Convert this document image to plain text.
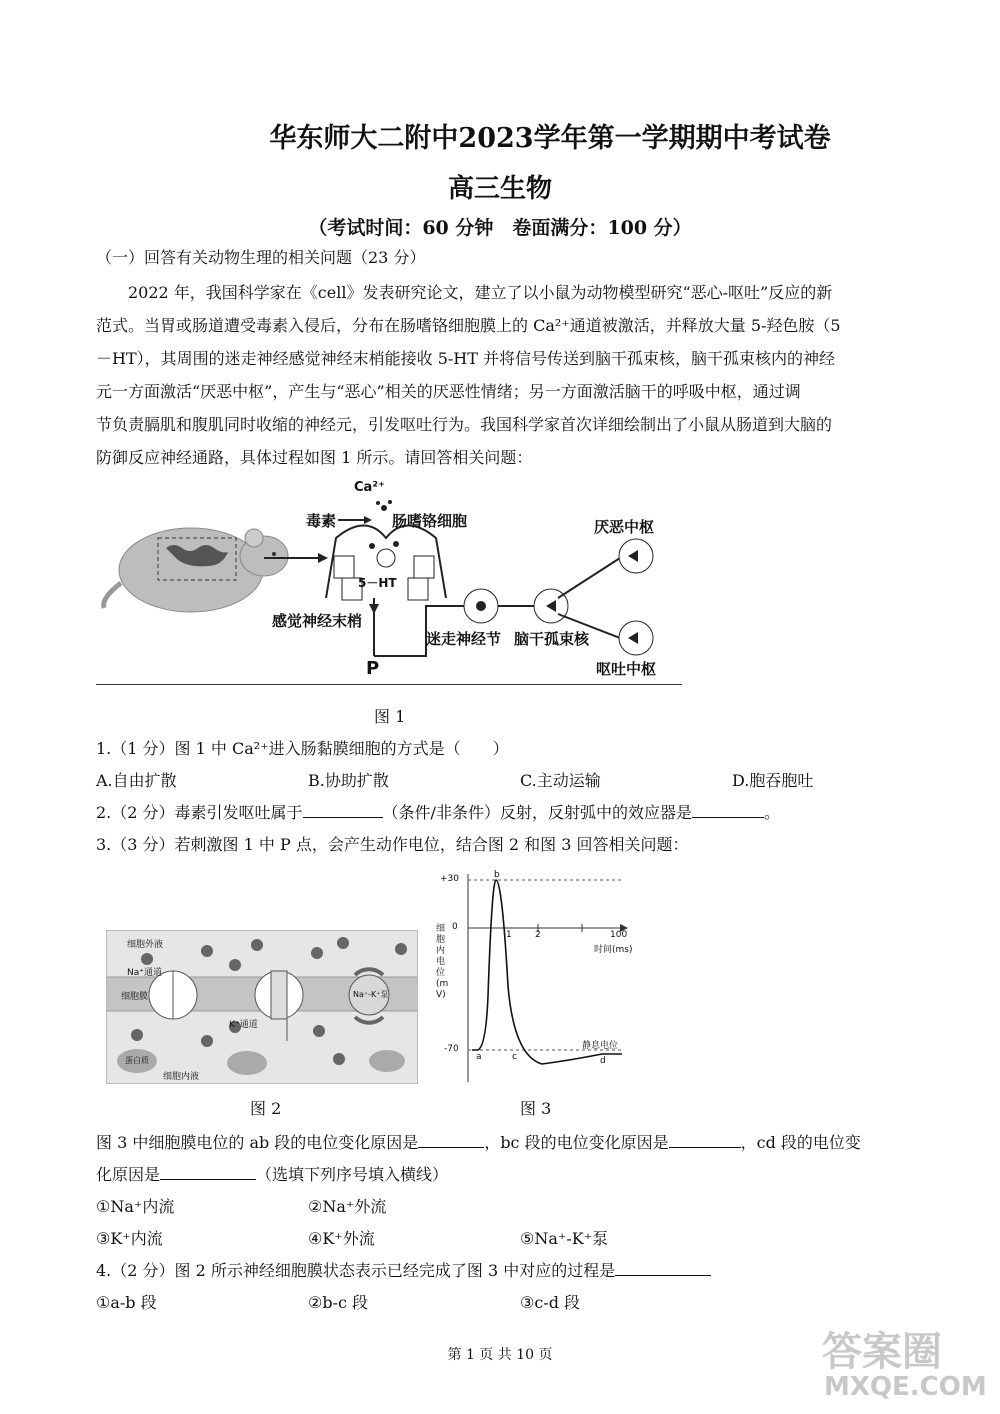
华东师大二附中2023学年第一学期期中考试卷
高三生物
（考试时间：60 分钟　卷面满分：100 分）
（一）回答有关动物生理的相关问题（23 分）
2022 年，我国科学家在《cell》发表研究论文，建立了以小鼠为动物模型研究“恶心-呕吐”反应的新
范式。当胃或肠道遭受毒素入侵后，分布在肠嗜铬细胞膜上的 Ca²⁺通道被激活，并释放大量 5-羟色胺（5
－HT），其周围的迷走神经感觉神经末梢能接收 5-HT 并将信号传送到脑干孤束核，脑干孤束核内的神经
元一方面激活“厌恶中枢”，产生与“恶心”相关的厌恶性情绪；另一方面激活脑干的呼吸中枢，通过调
节负责膈肌和腹肌同时收缩的神经元，引发呕吐行为。我国科学家首次详细绘制出了小鼠从肠道到大脑的
防御反应神经通路，具体过程如图 1 所示。请回答相关问题：
Ca²⁺
毒素	肠嗜铬细胞
5－HT
感觉神经末梢
迷走神经节 脑干孤束核
厌恶中枢
呕吐中枢
P
图 1
1.（1 分）图 1 中 Ca²⁺进入肠黏膜细胞的方式是（　　）
A.自由扩散	B.协助扩散	C.主动运输	D.胞吞胞吐
2.（2 分）毒素引发呕吐属于	（条件/非条件）反射，反射弧中的效应器是	。
3.（3 分）若刺激图 1 中 P 点，会产生动作电位，结合图 2 和图 3 回答相关问题：
细胞外液
Na⁺通道
细胞膜
K⁺通道
Na⁺-K⁺泵
蛋白质
细胞内液
图 2
+30
0
-70
1	2	100
时间(ms)
细胞内电位(mV)
b
a	c	d
静息电位
图 3
图 3 中细胞膜电位的 ab 段的电位变化原因是	，bc 段的电位变化原因是	，cd 段的电位变
化原因是	（选填下列序号填入横线）
①Na⁺内流	②Na⁺外流
③K⁺内流	④K⁺外流	⑤Na⁺-K⁺泵
4.（2 分）图 2 所示神经细胞膜状态表示已经完成了图 3 中对应的过程是
①a-b 段	②b-c 段	③c-d 段
第 1 页 共 10 页	答案圈
MXQE.COM
